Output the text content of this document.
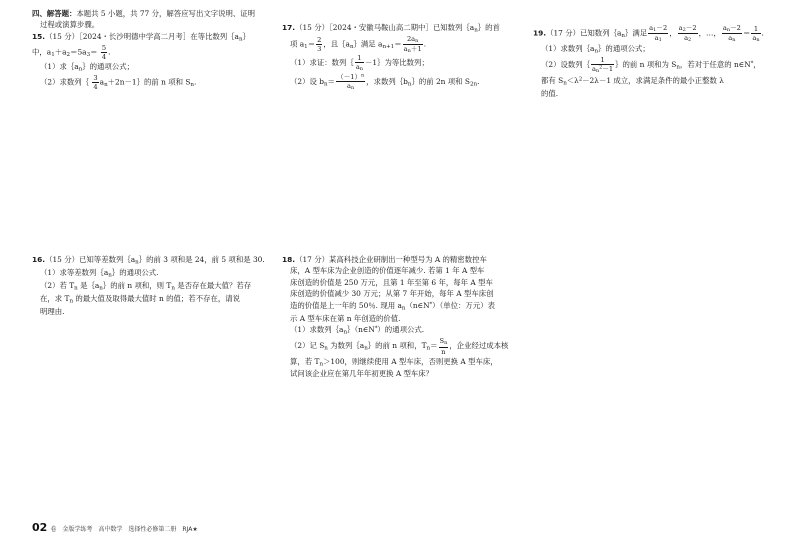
四、解答题：本题共 5 小题，共 77 分，解答应写出文字说明、证明
过程或演算步骤。
15.（15 分）［2024・长沙明德中学高二月考］在等比数列$\{a_n\}$
中，$a_1+a_2=5a_3= \frac{5}{4}$ .
（1）求$\{a_n\}$的通项公式；
（2）求数列｛ $\frac{3}{4}$ $a_n+2n-1\}$的前 n 项和 $S_n$.
16.（15 分）已知等差数列$\{a_n\}$的前 3 项和是 24，前 5 项和是 30.
（1）求等差数列$\{a_n\}$的通项公式.
（2）若 $T_n$ 是$\{a_n\}$的前 n 项和，则 $T_n$ 是否存在最大值？若存
在，求 $T_n$ 的最大值及取得最大值时 n 的值；若不存在，请说
明理由.
17.（15 分）［2024・安徽马鞍山高二期中］已知数列$\{a_n\}$的首
项 $a_1= \frac{2}{3}$ ，且$\{a_n\}$满足 $a_{n+1}= \frac{2a_n}{a_n+1}$ .
（1）求证：数列｛ $\frac{1}{a_n}$ －1｝为等比数列；
（2）设 $b_n= \frac{(-1)^n}{a_n}$ ，求数列$\{b_n\}$的前 2n 项和 $S_{2n}$.
18.（17 分）某高科技企业研制出一种型号为 A 的精密数控车
床，A 型车床为企业创造的价值逐年减少. 若第 1 年 A 型车
床创造的价值是 250 万元，且第 1 年至第 6 年，每年 A 型车
床创造的价值减少 30 万元；从第 7 年开始，每年 A 型车床创
造的价值是上一年的 50％. 现用 $a_n(n\in N^*)$（单位：万元）表
示 A 型车床在第 n 年创造的价值.
（1）求数列$\{a_n\}(n\in N^*)$的通项公式.
（2）记 $S_n$ 为数列$\{a_n\}$的前 n 项和，$T_n= \frac{S_n}{n}$ ，企业经过成本核
算，若 $T_n>100$，则继续使用 A 型车床，否则更换 A 型车床，
试问该企业应在第几年年初更换 A 型车床？
19.（17 分）已知数列$\{a_n\}$满足 $\frac{a_1-2}{a_1}$ ， $\frac{a_2-2}{a_2}$ ，…， $\frac{a_n-2}{a_n} = \frac{1}{a_n}$ .
（1）求数列$\{a_n\}$的通项公式；
（2）设数列｛ $\frac{1}{a_n^2-1}$ ｝的前 n 项和为 $S_n$，若对于任意的 n∈N*，
都有 $S_n<\lambda^2-2\lambda-1$ 成立，求满足条件的最小正整数 λ
的值.
02 卷 金版学练考 高中数学 选择性必修第二册 RJA★
